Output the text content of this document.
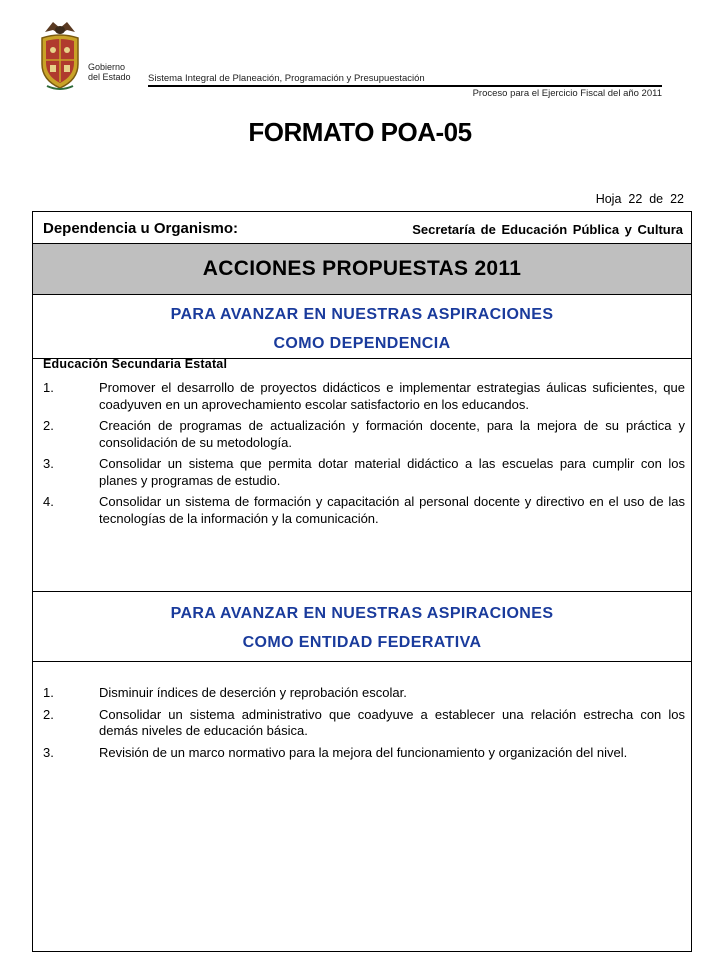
Gobierno
del Estado Sistema Integral de Planeación, Programación y Presupuestación
Proceso para el Ejercicio Fiscal del año 2011
FORMATO POA-05
Hoja 22 de 22
Dependencia u Organismo:	Secretaría de Educación Pública y Cultura
ACCIONES PROPUESTAS 2011
PARA AVANZAR EN NUESTRAS ASPIRACIONES
COMO DEPENDENCIA
Educación Secundaria Estatal
1.	Promover el desarrollo de proyectos didácticos e implementar estrategias áulicas suficientes, que coadyuven en un aprovechamiento escolar satisfactorio en los educandos.
2.	Creación de programas de actualización y formación docente, para la mejora de su práctica y consolidación de su metodología.
3.	Consolidar un sistema que permita dotar material didáctico a las escuelas para cumplir con los planes y programas de estudio.
4.	Consolidar un sistema de formación y capacitación al personal docente y directivo en el uso de las tecnologías de la información y la comunicación.
PARA AVANZAR EN NUESTRAS ASPIRACIONES
COMO ENTIDAD FEDERATIVA
1.	Disminuir índices de deserción y reprobación escolar.
2.	Consolidar un sistema administrativo que coadyuve a establecer una relación estrecha con los demás niveles de educación básica.
3.	Revisión de un marco normativo para la mejora del funcionamiento y organización del nivel.
